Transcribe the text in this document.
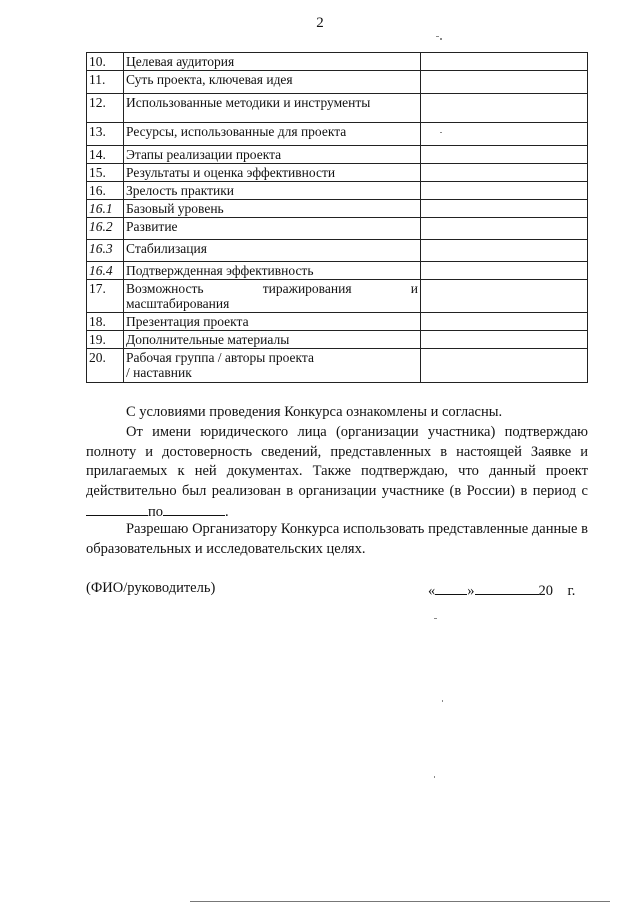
2
10.	Целевая аудитория	
11.	Суть проекта, ключевая идея	
12.	Использованные методики и инструменты	
13.	Ресурсы, использованные для проекта	
14.	Этапы реализации проекта	
15.	Результаты и оценка эффективности	
16.	Зрелость практики	
16.1	Базовый уровень	
16.2	Развитие	
16.3	Стабилизация	
16.4	Подтвержденная эффективность	
17.	Возможность тиражирования и
масштабирования	

18.	Презентация проекта	
19.	Дополнительные материалы	
20.	Рабочая группа / авторы проекта
/ наставник	

С условиями проведения Конкурса ознакомлены и согласны.
От имени юридического лица (организации участника) подтверждаю полноту и достоверность сведений, представленных в настоящей Заявке и прилагаемых к ней документах. Также подтверждаю, что данный проект действительно был реализован в организации участнике (в России) в период с по	.
Разрешаю Организатору Конкурса использовать представленные данные в образовательных и исследовательских целях.
(ФИО/руководитель)	« »	20 г.
